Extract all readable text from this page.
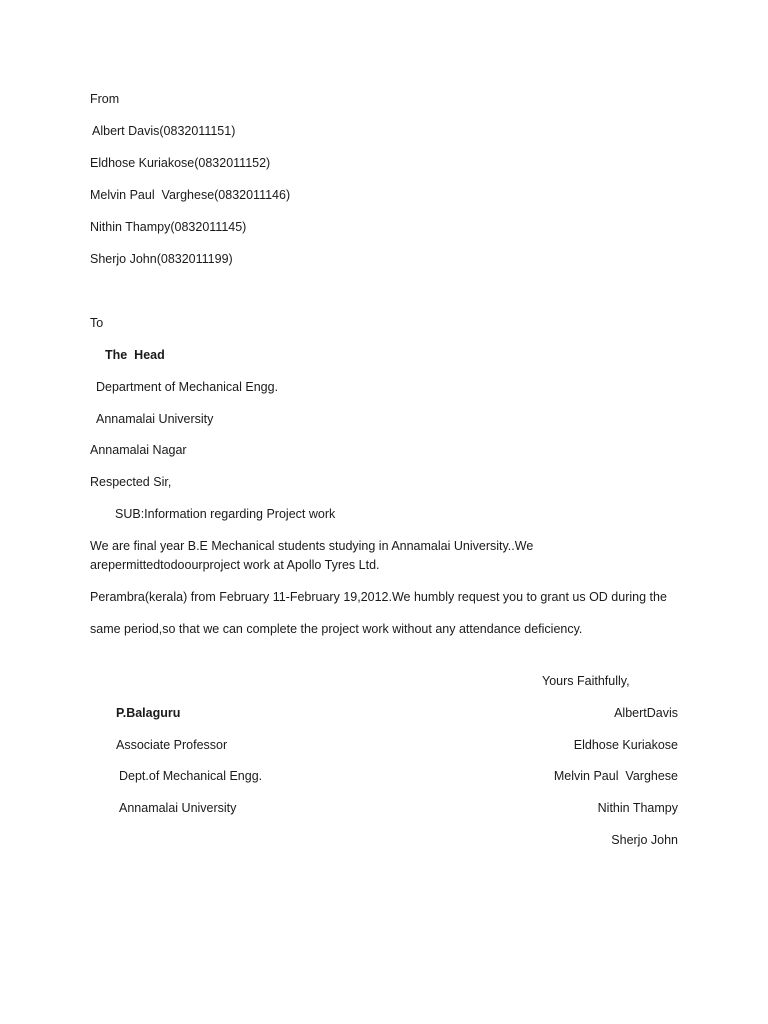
From
Albert Davis(0832011151)
Eldhose Kuriakose(0832011152)
Melvin Paul  Varghese(0832011146)
Nithin Thampy(0832011145)
Sherjo John(0832011199)
To
The  Head
Department of Mechanical Engg.
Annamalai University
Annamalai Nagar
Respected Sir,
SUB:Information regarding Project work
We are final year B.E Mechanical students studying in Annamalai University..We
arepermittedtodoourproject work at Apollo Tyres Ltd.
Perambra(kerala) from February 11-February 19,2012.We humbly request you to grant us OD during the
same period,so that we can complete the project work without any attendance deficiency.
Yours Faithfully,
P.Balaguru
Associate Professor
Dept.of Mechanical Engg.
Annamalai University
AlbertDavis
Eldhose Kuriakose
Melvin Paul  Varghese
Nithin Thampy
Sherjo John
